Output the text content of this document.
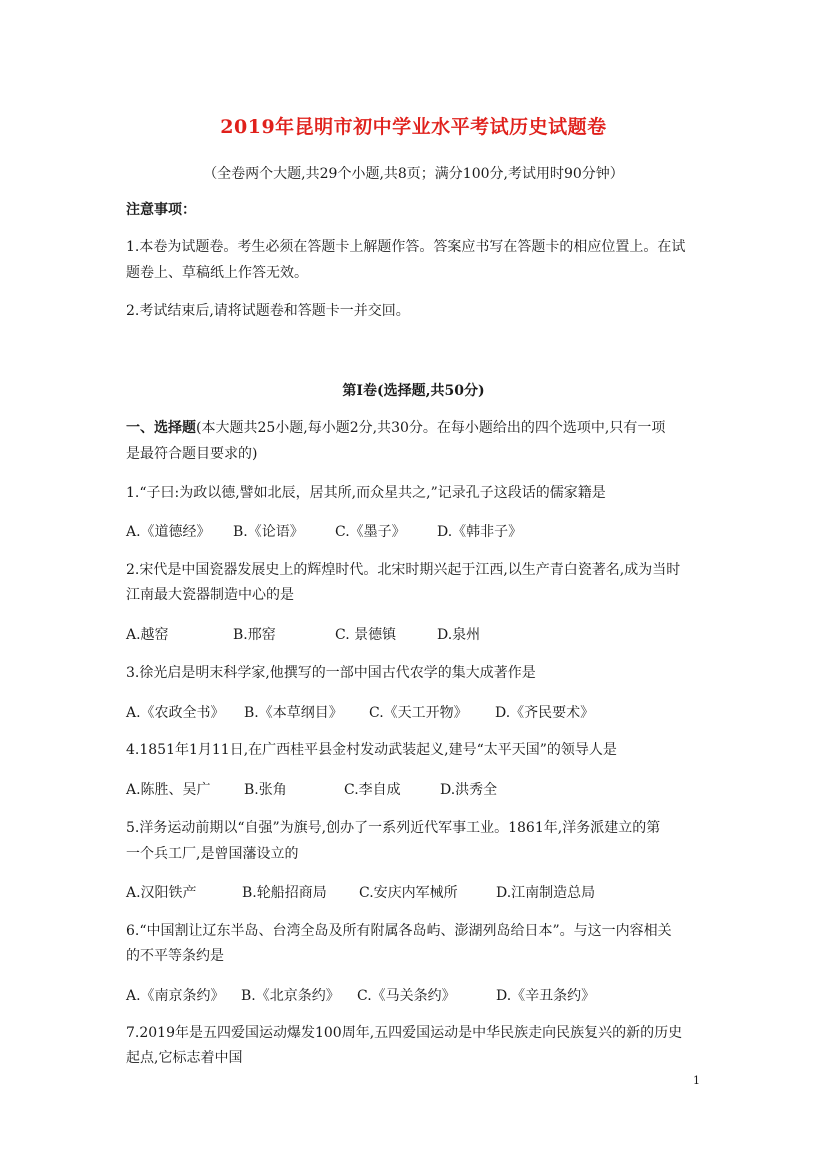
2019年昆明市初中学业水平考试历史试题卷
（全卷两个大题,共29个小题,共8页；满分100分,考试用时90分钟）
注意事项：
1.本卷为试题卷。考生必须在答题卡上解题作答。答案应书写在答题卡的相应位置上。在试
题卷上、草稿纸上作答无效。
2.考试结束后,请将试题卷和答题卡一并交回。
第Ⅰ卷(选择题,共50分)
一、选择题(本大题共25小题,每小题2分,共30分。在每小题给出的四个选项中,只有一项
是最符合题目要求的)
1.“子曰:为政以德,譬如北辰，居其所,而众星共之,”记录孔子这段话的儒家籍是
A.《道德经》 B.《论语》 C.《墨子》 D.《韩非子》
2.宋代是中国瓷器发展史上的辉煌时代。北宋时期兴起于江西,以生产青白瓷著名,成为当时
江南最大瓷器制造中心的是
A.越窑	B.邢窑	C. 景德镇	D.泉州
3.徐光启是明末科学家,他撰写的一部中国古代农学的集大成著作是
A.《农政全书》 B.《本草纲目》 C.《天工开物》 D.《齐民要术》
4.1851年1月11日,在广西桂平县金村发动武装起义,建号“太平天国”的领导人是
A.陈胜、吴广 B.张角	C.李自成	D.洪秀全
5.洋务运动前期以“自强”为旗号,创办了一系列近代军事工业。1861年,洋务派建立的第
一个兵工厂,是曾国藩设立的
A.汉阳铁产	B.轮船招商局 C.安庆内军械所	D.江南制造总局
6.“中国割让辽东半岛、台湾全岛及所有附属各岛屿、澎湖列岛给日本”。与这一内容相关
的不平等条约是
A.《南京条约》 B.《北京条约》 C.《马关条约》	D.《辛丑条约》
7.2019年是五四爱国运动爆发100周年,五四爱国运动是中华民族走向民族复兴的新的历史
起点,它标志着中国
1
